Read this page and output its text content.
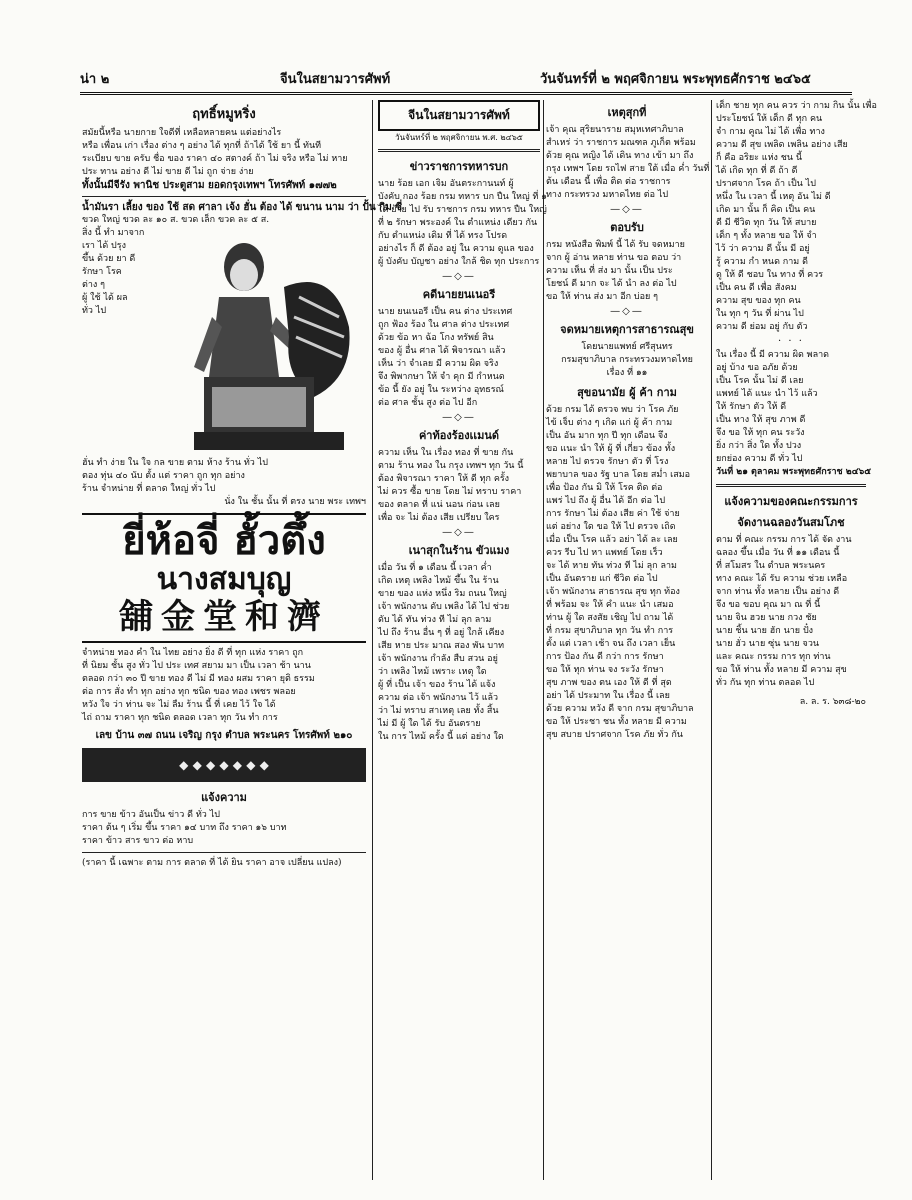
น่า ๒	จีนในสยามวารศัพท์	วันจันทร์ที่ ๒ พฤศจิกายน พระพุทธศักราช ๒๔๖๕
ฤทธิ์หมูหริ่ง
สมัยนี้หรือ นายกาย ใจดีที่ เหลือหลายคน แต่อย่างไร
หรือ เพื่อน เก่า เรื่อง ต่าง ๆ อย่าง ได้ ทุกที่ ถ้าได้ ใช้ ยา นี้ ทันที
ระเบียบ ขาย ครับ ชื่อ ของ ราคา ๔๐ สตางค์ ถ้า ไม่ จริง หรือ ไม่ หาย
ประ ทาน อย่าง ดี ไม่ ขาย ดี ไม่ ถูก จ่าย ง่าย
ทั้งนั้นมีจีรัง พานิช ประตูสาม ยอดกรุงเทพฯ โทรศัพท์ ๑๗๗๒
น้ำมันรา เลี้ยง ของ ใช้ สด ศาลา เจ้ง ฮั่น ต้อง ได้ ขนาน นาม ว่า ปั้น กิม ซี่
ขวด ใหญ่ ขวด ละ ๑๐ ส. ขวด เล็ก ขวด ละ ๕ ส.
สิ่ง นี้ ทำ มาจาก
เรา ได้ ปรุง
ขึ้น ด้วย ยา ดี
รักษา โรค
ต่าง ๆ
ผู้ ใช้ ได้ ผล
ทั่ว ไป
ฮั่น ทำ ง่าย ใน ใจ กล ขาย ตาม ห้าง ร้าน ทั่ว ไป
ตอง ทุ่น ๔๐ นับ ตั้ง แต่ ราคา ถูก ทุก อย่าง
ร้าน จำหน่าย ที่ ตลาด ใหญ่ ทั่ว ไป
นั่ง ใน ชั้น นั้น ที่ ตรง นาย พระ เทพฯ
ยี่ห้อจี่ ฮั้วตึ้ง
นางสมบุญ
舖金堂和濟
จำหน่าย ทอง คำ ใน ไทย อย่าง ยิ่ง ดี ที่ ทุก แห่ง ราคา ถูก
ที่ นิยม ชั้น สูง ทั่ว ไป ประ เทศ สยาม มา เป็น เวลา ช้า นาน
ตลอด กว่า ๓๐ ปี ขาย ทอง ดี ไม่ มี ทอง ผสม ราคา ยุติ ธรรม
ต่อ การ สั่ง ทำ ทุก อย่าง ทุก ชนิด ของ ทอง เพชร พลอย
หวัง ใจ ว่า ท่าน จะ ไม่ ลืม ร้าน นี้ ที่ เคย ไว้ ใจ ได้
ไถ่ ถาม ราคา ทุก ชนิด ตลอด เวลา ทุก วัน ทำ การ
เลข บ้าน ๓๗ ถนน เจริญ กรุง ตำบล พระนคร โทรศัพท์ ๒๑๐
◆ ◆ ◆ ◆ ◆ ◆ ◆
แจ้งความ
การ ขาย ข้าว อันเป็น ข่าว ดี ทั่ว ไป
ราคา ต้น ๆ เริ่ม ขึ้น ราคา ๑๔ บาท ถึง ราคา ๑๖ บาท
ราคา ข้าว สาร ขาว ต่อ หาบ
(ราคา นี้ เฉพาะ ตาม การ ตลาด ที่ ได้ ยิน ราคา อาจ เปลี่ยน แปลง)
จีนในสยามวารศัพท์
วันจันทร์ที่ ๒ พฤศจิกายน พ.ศ. ๒๔๖๕
ข่าวราชการทหารบก
นาย ร้อย เอก เจิม อันตระกานนท์ ผู้
บังคับ กอง ร้อย กรม ทหาร บก ปืน ใหญ่ ที่ ๑
ได้ ย้าย ไป รับ ราชการ กรม ทหาร ปืน ใหญ่
ที่ ๒ รักษา พระองค์ ใน ตำแหน่ง เดียว กัน
กับ ตำแหน่ง เดิม ที่ ได้ ทรง โปรด
อย่างไร ก็ ดี ต้อง อยู่ ใน ความ ดูแล ของ
ผู้ บังคับ บัญชา อย่าง ใกล้ ชิด ทุก ประการ
—◇—
คดีนายยนเนอรี
นาย ยนเนอรี เป็น คน ต่าง ประเทศ
ถูก ฟ้อง ร้อง ใน ศาล ต่าง ประเทศ
ด้วย ข้อ หา ฉ้อ โกง ทรัพย์ สิน
ของ ผู้ อื่น ศาล ได้ พิจารณา แล้ว
เห็น ว่า จำเลย มี ความ ผิด จริง
จึง พิพากษา ให้ จำ คุก มี กำหนด
ข้อ นี้ ยัง อยู่ ใน ระหว่าง อุทธรณ์
ต่อ ศาล ชั้น สูง ต่อ ไป อีก
—◇—
ค่าท้องร้องเเมนด์
ความ เห็น ใน เรื่อง ทอง ที่ ขาย กัน
ตาม ร้าน ทอง ใน กรุง เทพฯ ทุก วัน นี้
ต้อง พิจารณา ราคา ให้ ดี ทุก ครั้ง
ไม่ ควร ซื้อ ขาย โดย ไม่ ทราบ ราคา
ของ ตลาด ที่ แน่ นอน ก่อน เลย
เพื่อ จะ ไม่ ต้อง เสีย เปรียบ ใคร
—◇—
เนาสุกในร้าน ขัวแมง
เมื่อ วัน ที่ ๑ เดือน นี้ เวลา ค่ำ
เกิด เหตุ เพลิง ไหม้ ขึ้น ใน ร้าน
ขาย ของ แห่ง หนึ่ง ริม ถนน ใหญ่
เจ้า พนักงาน ดับ เพลิง ได้ ไป ช่วย
ดับ ได้ ทัน ท่วง ที ไม่ ลุก ลาม
ไป ถึง ร้าน อื่น ๆ ที่ อยู่ ใกล้ เคียง
เสีย หาย ประ มาณ สอง พัน บาท
เจ้า พนักงาน กำลัง สืบ สวน อยู่
ว่า เพลิง ไหม้ เพราะ เหตุ ใด
ผู้ ที่ เป็น เจ้า ของ ร้าน ได้ แจ้ง
ความ ต่อ เจ้า พนักงาน ไว้ แล้ว
ว่า ไม่ ทราบ สาเหตุ เลย ทั้ง สิ้น
ไม่ มี ผู้ ใด ได้ รับ อันตราย
ใน การ ไหม้ ครั้ง นี้ แต่ อย่าง ใด
เหตุสุกที่
เจ้า คุณ สุริยนาราย สมุหเทศาภิบาล
สำเหร่ ว่า ราชการ มณฑล ภูเก็ต พร้อม
ด้วย คุณ หญิง ได้ เดิน ทาง เข้า มา ถึง
กรุง เทพฯ โดย รถไฟ สาย ใต้ เมื่อ ค่ำ วันที่
ต้น เดือน นี้ เพื่อ ติด ต่อ ราชการ
ทาง กระทรวง มหาดไทย ต่อ ไป
—◇—
ตอบรับ
กรม หนังสือ พิมพ์ นี้ ได้ รับ จดหมาย
จาก ผู้ อ่าน หลาย ท่าน ขอ ตอบ ว่า
ความ เห็น ที่ ส่ง มา นั้น เป็น ประ
โยชน์ ดี มาก จะ ได้ นำ ลง ต่อ ไป
ขอ ให้ ท่าน ส่ง มา อีก บ่อย ๆ
—◇—
จดหมายเหตุการสาธารณสุข
โดยนายแพทย์ ศรีสุนทร
กรมสุขาภิบาล กระทรวงมหาดไทย
เรื่อง ที่ ๑๑
สุขอนามัย ผู้ ค้า กาม
ด้วย กรม ได้ ตรวจ พบ ว่า โรค ภัย
ไข้ เจ็บ ต่าง ๆ เกิด แก่ ผู้ ค้า กาม
เป็น อัน มาก ทุก ปี ทุก เดือน จึง
ขอ แนะ นำ ให้ ผู้ ที่ เกี่ยว ข้อง ทั้ง
หลาย ไป ตรวจ รักษา ตัว ที่ โรง
พยาบาล ของ รัฐ บาล โดย สม่ำ เสมอ
เพื่อ ป้อง กัน มิ ให้ โรค ติด ต่อ
แพร่ ไป ถึง ผู้ อื่น ได้ อีก ต่อ ไป
การ รักษา ไม่ ต้อง เสีย ค่า ใช้ จ่าย
แต่ อย่าง ใด ขอ ให้ ไป ตรวจ เถิด
เมื่อ เป็น โรค แล้ว อย่า ได้ ละ เลย
ควร รีบ ไป หา แพทย์ โดย เร็ว
จะ ได้ หาย ทัน ท่วง ที ไม่ ลุก ลาม
เป็น อันตราย แก่ ชีวิต ต่อ ไป
เจ้า พนักงาน สาธารณ สุข ทุก ท้อง
ที่ พร้อม จะ ให้ คำ แนะ นำ เสมอ
ท่าน ผู้ ใด สงสัย เชิญ ไป ถาม ได้
ที่ กรม สุขาภิบาล ทุก วัน ทำ การ
ตั้ง แต่ เวลา เช้า จน ถึง เวลา เย็น
การ ป้อง กัน ดี กว่า การ รักษา
ขอ ให้ ทุก ท่าน จง ระวัง รักษา
สุข ภาพ ของ ตน เอง ให้ ดี ที่ สุด
อย่า ได้ ประมาท ใน เรื่อง นี้ เลย
ด้วย ความ หวัง ดี จาก กรม สุขาภิบาล
ขอ ให้ ประชา ชน ทั้ง หลาย มี ความ
สุข สบาย ปราศจาก โรค ภัย ทั่ว กัน
เด็ก ชาย ทุก คน ควร ว่า กาม กิน นั้น เพื่อ
ประโยชน์ ให้ เด็ก ดี ทุก คน
จำ กาม คูณ ไม่ ได้ เพื่อ ทาง
ความ ดี สุข เพลิด เพลิน อย่าง เสีย
ก็ คือ อริยะ แห่ง ชน นี้
ได้ เกิด ทุก ที่ ดี ถ้า ดี
ปราศจาก โรค ถ้า เป็น ไป
หนึ่ง ใน เวลา นี้ เหตุ อัน ไม่ ดี
เกิด มา นั้น ก็ คิด เป็น คน
ดี มี ชีวิต ทุก วัน ให้ สบาย
เด็ก ๆ ทั้ง หลาย ขอ ให้ จำ
ไว้ ว่า ความ ดี นั้น มี อยู่
รู้ ความ กำ หนด กาม ดี
ดู ให้ ดี ชอบ ใน ทาง ที่ ควร
เป็น คน ดี เพื่อ สังคม
ความ สุข ของ ทุก คน
ใน ทุก ๆ วัน ที่ ผ่าน ไป
ความ ดี ย่อม อยู่ กับ ตัว
· · ·
ใน เรื่อง นี้ มี ความ ผิด พลาด
อยู่ บ้าง ขอ อภัย ด้วย
เป็น โรค นั้น ไม่ ดี เลย
แพทย์ ได้ แนะ นำ ไว้ แล้ว
ให้ รักษา ตัว ให้ ดี
เป็น ทาง ให้ สุข ภาพ ดี
จึง ขอ ให้ ทุก คน ระวัง
ยิ่ง กว่า สิ่ง ใด ทั้ง ปวง
ยกย่อง ความ ดี ทั่ว ไป
วันที่ ๒๑ ตุลาคม พระพุทธศักราช ๒๔๖๕
แจ้งความของคณะกรรมการ
จัดงานฉลองวันสมโภช
ตาม ที่ คณะ กรรม การ ได้ จัด งาน
ฉลอง ขึ้น เมื่อ วัน ที่ ๑๑ เดือน นี้
ที่ สโมสร ใน ตำบล พระนคร
ทาง คณะ ได้ รับ ความ ช่วย เหลือ
จาก ท่าน ทั้ง หลาย เป็น อย่าง ดี
จึง ขอ ขอบ คุณ มา ณ ที่ นี้
นาย จิน ฮวย นาย กวง ชัย
นาย ชิ้น นาย ฮัก นาย ปั๋ง
นาย ฮั่ว นาย ซุ่น นาย จวน
และ คณะ กรรม การ ทุก ท่าน
ขอ ให้ ท่าน ทั้ง หลาย มี ความ สุข
ทั่ว กัน ทุก ท่าน ตลอด ไป
ล. ล. ร. ๖๓๘-๒๐
